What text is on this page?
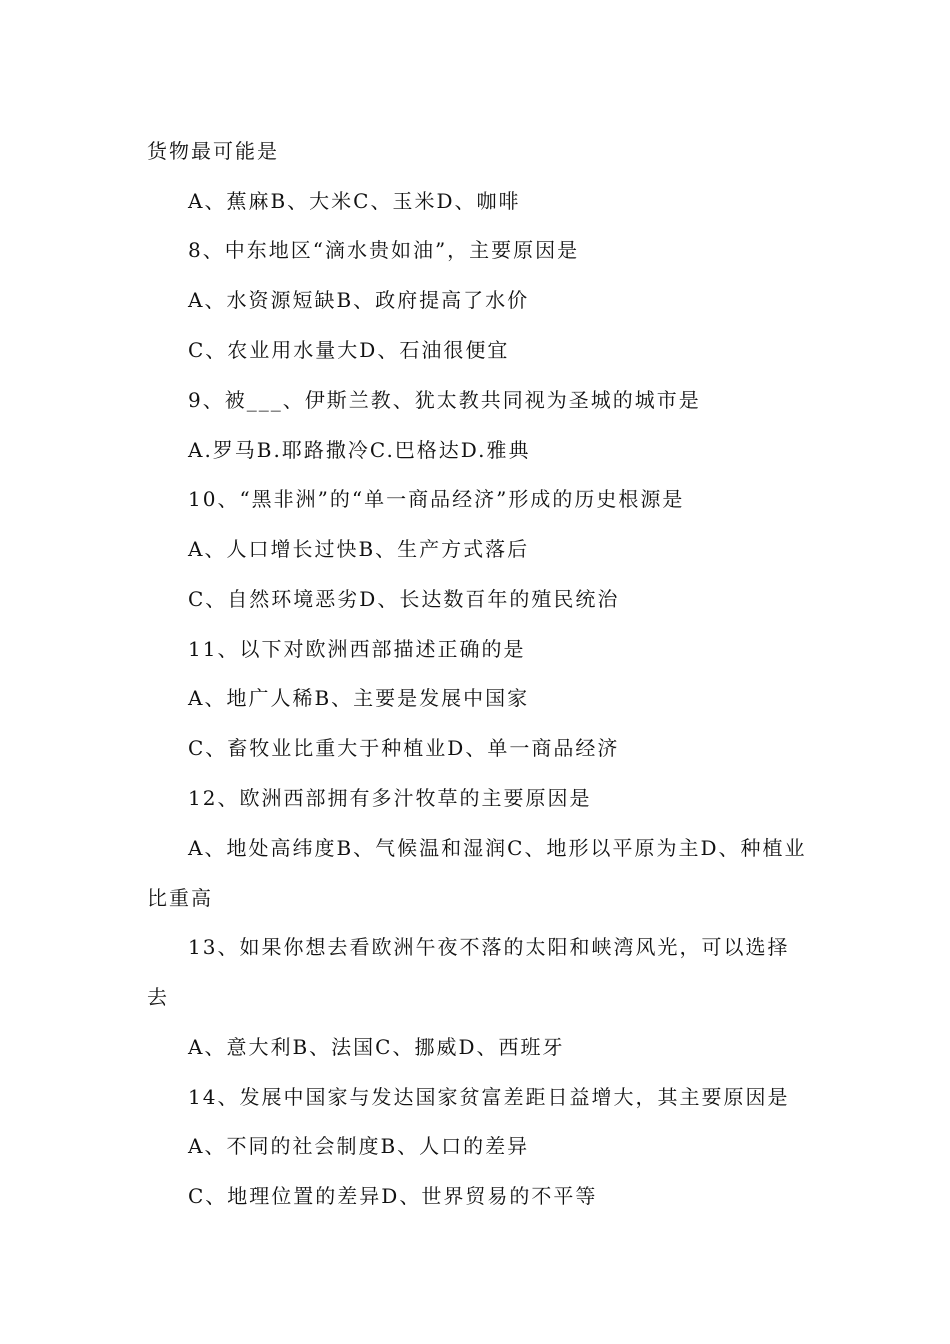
货物最可能是
A、蕉麻B、大米C、玉米D、咖啡
8、中东地区“滴水贵如油”，主要原因是
A、水资源短缺B、政府提高了水价
C、农业用水量大D、石油很便宜
9、被___、伊斯兰教、犹太教共同视为圣城的城市是
A.罗马B.耶路撒冷C.巴格达D.雅典
10、“黑非洲”的“单一商品经济”形成的历史根源是
A、人口增长过快B、生产方式落后
C、自然环境恶劣D、长达数百年的殖民统治
11、以下对欧洲西部描述正确的是
A、地广人稀B、主要是发展中国家
C、畜牧业比重大于种植业D、单一商品经济
12、欧洲西部拥有多汁牧草的主要原因是
A、地处高纬度B、气候温和湿润C、地形以平原为主D、种植业
比重高
13、如果你想去看欧洲午夜不落的太阳和峡湾风光，可以选择
去
A、意大利B、法国C、挪威D、西班牙
14、发展中国家与发达国家贫富差距日益增大，其主要原因是
A、不同的社会制度B、人口的差异
C、地理位置的差异D、世界贸易的不平等
